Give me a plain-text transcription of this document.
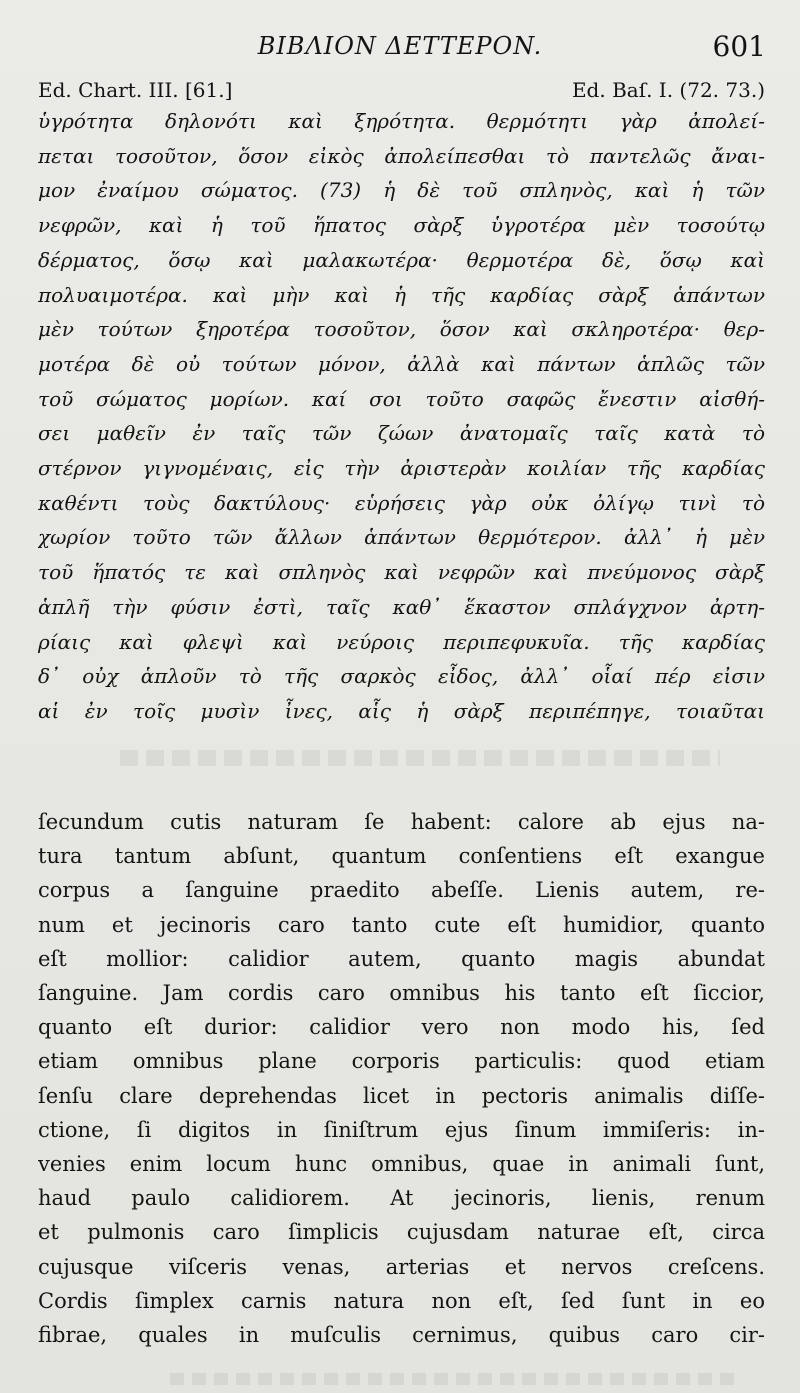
BIBΛION ΔETTEPON.	601
Ed. Chart. III. [61.]	Ed. Baſ. I. (72. 73.)
ὑγρότητα δηλονότι καὶ ξηρότητα. θερμότητι γὰρ ἀπολεί-
πεται τοσοῦτον, ὅσον εἰκὸς ἀπολείπεσθαι τὸ παντελῶς ἄναι-
μον ἐναίμου σώματος. (73) ἡ δὲ τοῦ σπληνὸς, καὶ ἡ τῶν
νεφρῶν, καὶ ἡ τοῦ ἥπατος σὰρξ ὑγροτέρα μὲν τοσούτῳ
δέρματος, ὅσῳ καὶ μαλακωτέρα· θερμοτέρα δὲ, ὅσῳ καὶ
πολυαιμοτέρα. καὶ μὴν καὶ ἡ τῆς καρδίας σὰρξ ἁπάντων
μὲν τούτων ξηροτέρα τοσοῦτον, ὅσον καὶ σκληροτέρα· θερ-
μοτέρα δὲ οὐ τούτων μόνον, ἀλλὰ καὶ πάντων ἁπλῶς τῶν
τοῦ σώματος μορίων. καί σοι τοῦτο σαφῶς ἔνεστιν αἰσθή-
σει μαθεῖν ἐν ταῖς τῶν ζώων ἀνατομαῖς ταῖς κατὰ τὸ
στέρνον γιγνομέναις, εἰς τὴν ἀριστερὰν κοιλίαν τῆς καρδίας
καθέντι τοὺς δακτύλους· εὑρήσεις γὰρ οὐκ ὀλίγῳ τινὶ τὸ
χωρίον τοῦτο τῶν ἄλλων ἁπάντων θερμότερον. ἀλλ᾽ ἡ μὲν
τοῦ ἥπατός τε καὶ σπληνὸς καὶ νεφρῶν καὶ πνεύμονος σὰρξ
ἁπλῆ τὴν φύσιν ἐστὶ, ταῖς καθ᾽ ἕκαστον σπλάγχνον ἀρτη-
ρίαις καὶ φλεψὶ καὶ νεύροις περιπεφυκυῖα. τῆς καρδίας
δ᾽ οὐχ ἁπλοῦν τὸ τῆς σαρκὸς εἶδος, ἀλλ᾽ οἷαί πέρ εἰσιν
αἱ ἐν τοῖς μυσὶν ἶνες, αἷς ἡ σὰρξ περιπέπηγε, τοιαῦται
ſecundum cutis naturam ſe habent: calore ab ejus na-
tura tantum abſunt, quantum conſentiens eſt exangue
corpus a ſanguine praedito abeſſe. Lienis autem, re-
num et jecinoris caro tanto cute eſt humidior, quanto
eſt mollior: calidior autem, quanto magis abundat
ſanguine. Jam cordis caro omnibus his tanto eſt ſiccior,
quanto eſt durior: calidior vero non modo his, ſed
etiam omnibus plane corporis particulis: quod etiam
ſenſu clare deprehendas licet in pectoris animalis diſſe-
ctione, ſi digitos in ſiniſtrum ejus ſinum immiſeris: in-
venies enim locum hunc omnibus, quae in animali ſunt,
haud paulo calidiorem. At jecinoris, lienis, renum
et pulmonis caro ſimplicis cujusdam naturae eſt, circa
cujusque viſceris venas, arterias et nervos creſcens.
Cordis ſimplex carnis natura non eſt, ſed ſunt in eo
fibrae, quales in muſculis cernimus, quibus caro cir-
